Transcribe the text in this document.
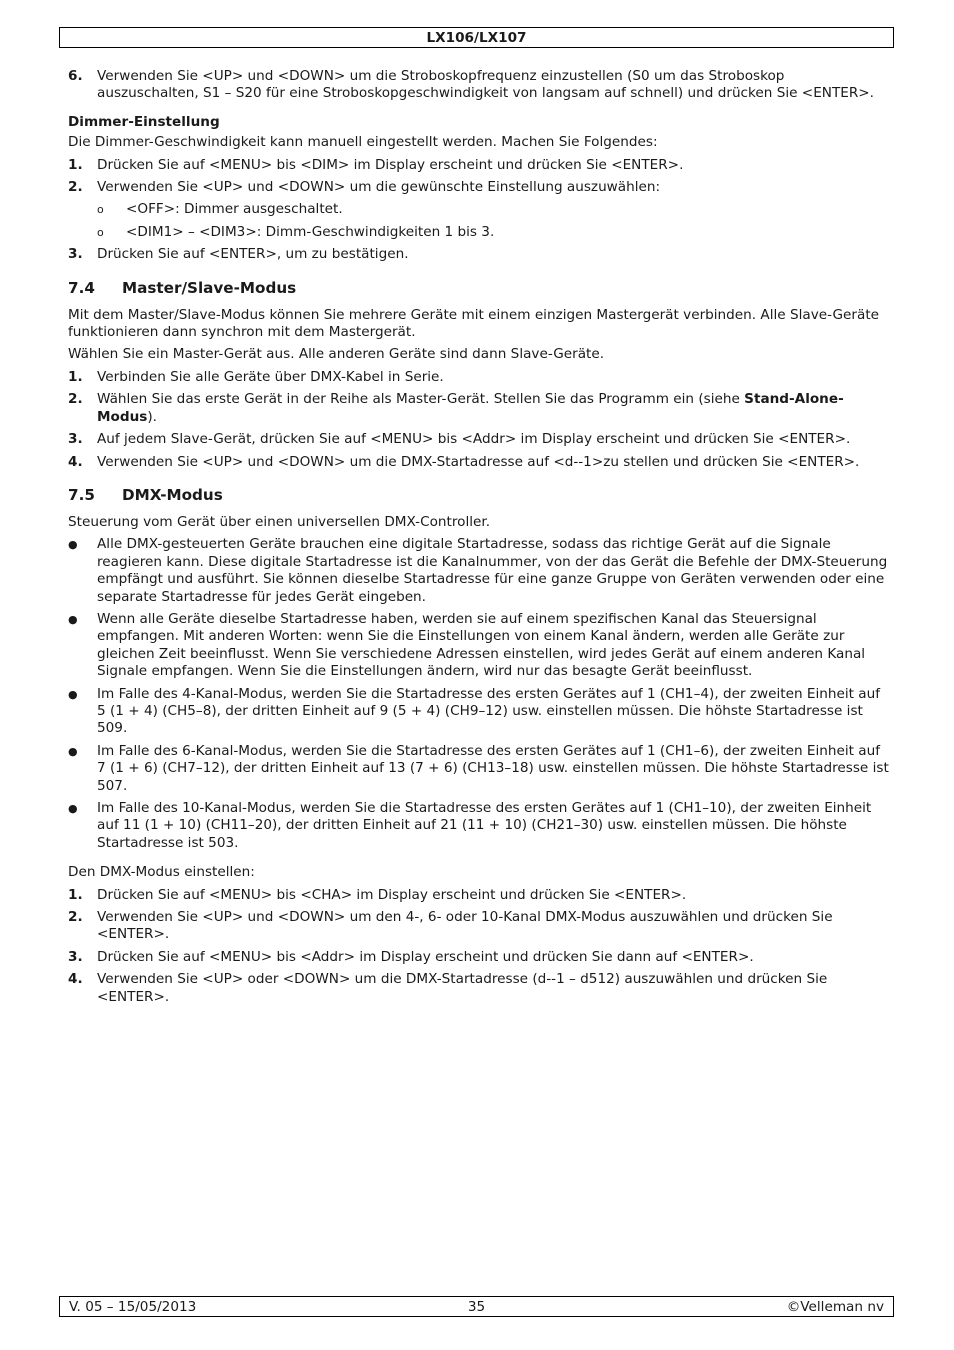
LX106/LX107
6. Verwenden Sie <UP> und <DOWN> um die Stroboskopfrequenz einzustellen (S0 um das Stroboskop auszuschalten, S1 – S20 für eine Stroboskopgeschwindigkeit von langsam auf schnell) und drücken Sie <ENTER>.
Dimmer-Einstellung
Die Dimmer-Geschwindigkeit kann manuell eingestellt werden. Machen Sie Folgendes:
1. Drücken Sie auf <MENU> bis <DIM> im Display erscheint und drücken Sie <ENTER>.
2. Verwenden Sie <UP> und <DOWN> um die gewünschte Einstellung auszuwählen:
o <OFF>: Dimmer ausgeschaltet.
o <DIM1> – <DIM3>: Dimm-Geschwindigkeiten 1 bis 3.
3. Drücken Sie auf <ENTER>, um zu bestätigen.
7.4 Master/Slave-Modus
Mit dem Master/Slave-Modus können Sie mehrere Geräte mit einem einzigen Mastergerät verbinden. Alle Slave-Geräte funktionieren dann synchron mit dem Mastergerät.
Wählen Sie ein Master-Gerät aus. Alle anderen Geräte sind dann Slave-Geräte.
1. Verbinden Sie alle Geräte über DMX-Kabel in Serie.
2. Wählen Sie das erste Gerät in der Reihe als Master-Gerät. Stellen Sie das Programm ein (siehe Stand-Alone-Modus).
3. Auf jedem Slave-Gerät, drücken Sie auf <MENU> bis <Addr> im Display erscheint und drücken Sie <ENTER>.
4. Verwenden Sie <UP> und <DOWN> um die DMX-Startadresse auf <d--1>zu stellen und drücken Sie <ENTER>.
7.5 DMX-Modus
Steuerung vom Gerät über einen universellen DMX-Controller.
● Alle DMX-gesteuerten Geräte brauchen eine digitale Startadresse, sodass das richtige Gerät auf die Signale reagieren kann. Diese digitale Startadresse ist die Kanalnummer, von der das Gerät die Befehle der DMX-Steuerung empfängt und ausführt. Sie können dieselbe Startadresse für eine ganze Gruppe von Geräten verwenden oder eine separate Startadresse für jedes Gerät eingeben.
● Wenn alle Geräte dieselbe Startadresse haben, werden sie auf einem spezifischen Kanal das Steuersignal empfangen. Mit anderen Worten: wenn Sie die Einstellungen von einem Kanal ändern, werden alle Geräte zur gleichen Zeit beeinflusst. Wenn Sie verschiedene Adressen einstellen, wird jedes Gerät auf einem anderen Kanal Signale empfangen. Wenn Sie die Einstellungen ändern, wird nur das besagte Gerät beeinflusst.
● Im Falle des 4-Kanal-Modus, werden Sie die Startadresse des ersten Gerätes auf 1 (CH1–4), der zweiten Einheit auf 5 (1 + 4) (CH5–8), der dritten Einheit auf 9 (5 + 4) (CH9–12) usw. einstellen müssen. Die höhste Startadresse ist 509.
● Im Falle des 6-Kanal-Modus, werden Sie die Startadresse des ersten Gerätes auf 1 (CH1–6), der zweiten Einheit auf 7 (1 + 6) (CH7–12), der dritten Einheit auf 13 (7 + 6) (CH13–18) usw. einstellen müssen. Die höhste Startadresse ist 507.
● Im Falle des 10-Kanal-Modus, werden Sie die Startadresse des ersten Gerätes auf 1 (CH1–10), der zweiten Einheit auf 11 (1 + 10) (CH11–20), der dritten Einheit auf 21 (11 + 10) (CH21–30) usw. einstellen müssen. Die höhste Startadresse ist 503.
Den DMX-Modus einstellen:
1. Drücken Sie auf <MENU> bis <CHA> im Display erscheint und drücken Sie <ENTER>.
2. Verwenden Sie <UP> und <DOWN> um den 4-, 6- oder 10-Kanal DMX-Modus auszuwählen und drücken Sie <ENTER>.
3. Drücken Sie auf <MENU> bis <Addr> im Display erscheint und drücken Sie dann auf <ENTER>.
4. Verwenden Sie <UP> oder <DOWN> um die DMX-Startadresse (d--1 – d512) auszuwählen und drücken Sie <ENTER>.
V. 05 – 15/05/2013	35	©Velleman nv
